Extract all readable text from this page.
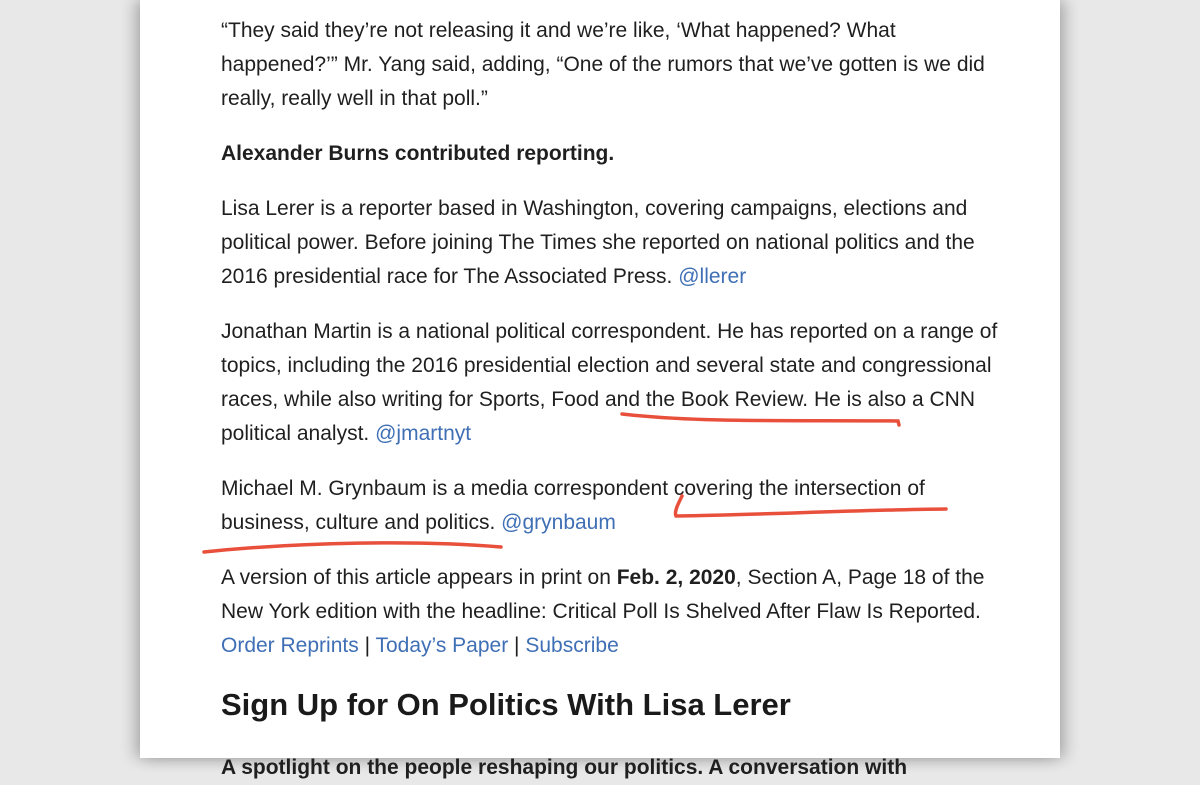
“They said they’re not releasing it and we’re like, ‘What happened? What happened?’” Mr. Yang said, adding, “One of the rumors that we’ve gotten is we did really, really well in that poll.”

Alexander Burns contributed reporting.

Lisa Lerer is a reporter based in Washington, covering campaigns, elections and political power. Before joining The Times she reported on national politics and the 2016 presidential race for The Associated Press. @llerer

Jonathan Martin is a national political correspondent. He has reported on a range of topics, including the 2016 presidential election and several state and congressional races, while also writing for Sports, Food and the Book Review. He is also a CNN political analyst. @jmartnyt

Michael M. Grynbaum is a media correspondent covering the intersection of business, culture and politics. @grynbaum

A version of this article appears in print on Feb. 2, 2020, Section A, Page 18 of the New York edition with the headline: Critical Poll Is Shelved After Flaw Is Reported. Order Reprints | Today’s Paper | Subscribe

Sign Up for On Politics With Lisa Lerer
A spotlight on the people reshaping our politics. A conversation with
